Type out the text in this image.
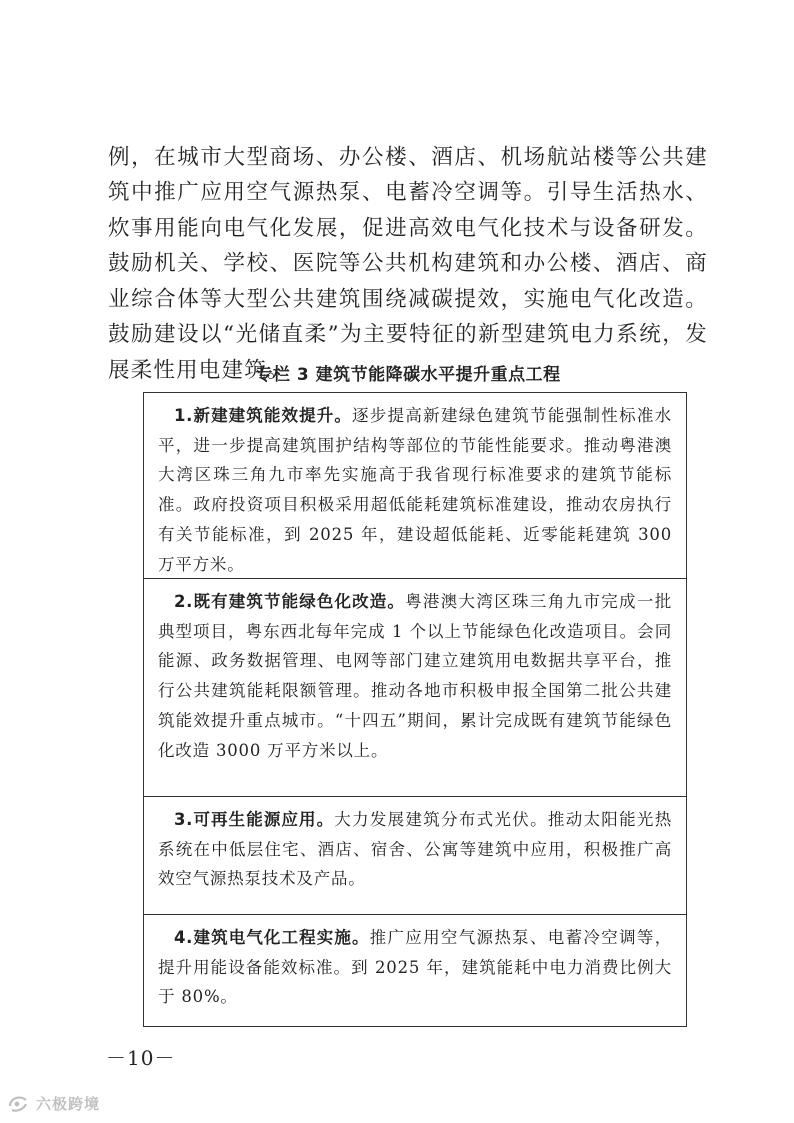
例，在城市大型商场、办公楼、酒店、机场航站楼等公共建筑中推广应用空气源热泵、电蓄冷空调等。引导生活热水、炊事用能向电气化发展，促进高效电气化技术与设备研发。鼓励机关、学校、医院等公共机构建筑和办公楼、酒店、商业综合体等大型公共建筑围绕减碳提效，实施电气化改造。鼓励建设以“光储直柔”为主要特征的新型建筑电力系统，发展柔性用电建筑。

专栏 3 建筑节能降碳水平提升重点工程
1.新建建筑能效提升。逐步提高新建绿色建筑节能强制性标准水平，进一步提高建筑围护结构等部位的节能性能要求。推动粤港澳大湾区珠三角九市率先实施高于我省现行标准要求的建筑节能标准。政府投资项目积极采用超低能耗建筑标准建设，推动农房执行有关节能标准，到 2025 年，建设超低能耗、近零能耗建筑 300 万平方米。
2.既有建筑节能绿色化改造。粤港澳大湾区珠三角九市完成一批典型项目，粤东西北每年完成 1 个以上节能绿色化改造项目。会同能源、政务数据管理、电网等部门建立建筑用电数据共享平台，推行公共建筑能耗限额管理。推动各地市积极申报全国第二批公共建筑能效提升重点城市。“十四五”期间，累计完成既有建筑节能绿色化改造 3000 万平方米以上。
3.可再生能源应用。大力发展建筑分布式光伏。推动太阳能光热系统在中低层住宅、酒店、宿舍、公寓等建筑中应用，积极推广高效空气源热泵技术及产品。
4.建筑电气化工程实施。推广应用空气源热泵、电蓄冷空调等，提升用能设备能效标准。到 2025 年，建筑能耗中电力消费比例大于 80%。
－10－
六极跨境
